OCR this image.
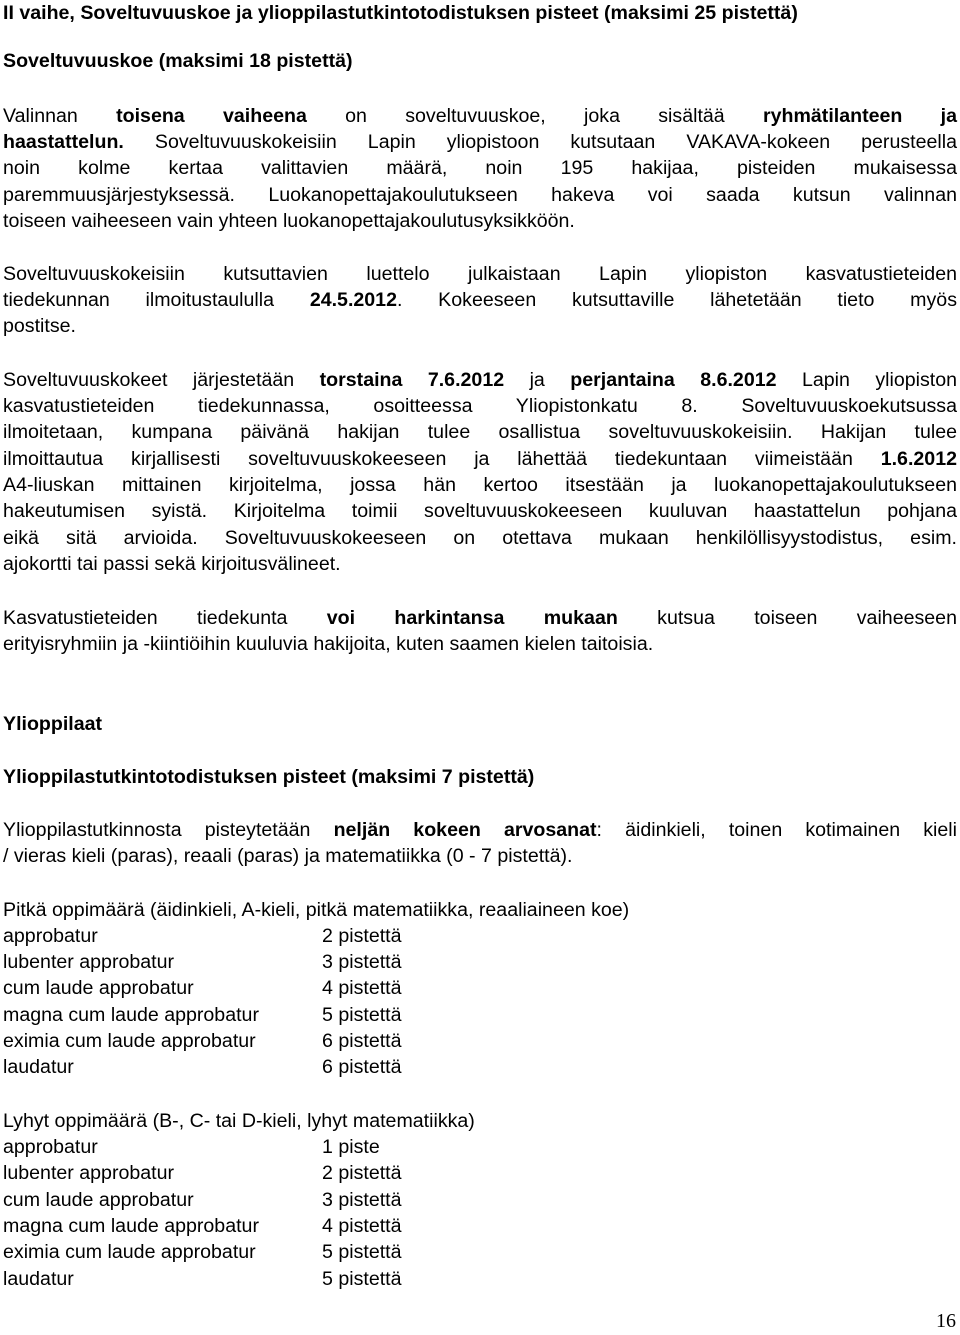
II vaihe, Soveltuvuuskoe ja ylioppilastutkintotodistuksen pisteet (maksimi 25 pistettä)
Soveltuvuuskoe (maksimi 18 pistettä)
Valinnan toisena vaiheena on soveltuvuuskoe, joka sisältää ryhmätilanteen ja
haastattelun. Soveltuvuuskokeisiin Lapin yliopistoon kutsutaan VAKAVA-kokeen perusteella
noin kolme kertaa valittavien määrä, noin 195 hakijaa, pisteiden mukaisessa
paremmuusjärjestyksessä. Luokanopettajakoulutukseen hakeva voi saada kutsun valinnan
toiseen vaiheeseen vain yhteen luokanopettajakoulutusyksikköön.
Soveltuvuuskokeisiin kutsuttavien luettelo julkaistaan Lapin yliopiston kasvatustieteiden
tiedekunnan ilmoitustaululla 24.5.2012. Kokeeseen kutsuttaville lähetetään tieto myös
postitse.
Soveltuvuuskokeet järjestetään torstaina 7.6.2012 ja perjantaina 8.6.2012 Lapin yliopiston
kasvatustieteiden tiedekunnassa, osoitteessa Yliopistonkatu 8. Soveltuvuuskoekutsussa
ilmoitetaan, kumpana päivänä hakijan tulee osallistua soveltuvuuskokeisiin. Hakijan tulee
ilmoittautua kirjallisesti soveltuvuuskokeeseen ja lähettää tiedekuntaan viimeistään 1.6.2012
A4-liuskan mittainen kirjoitelma, jossa hän kertoo itsestään ja luokanopettajakoulutukseen
hakeutumisen syistä. Kirjoitelma toimii soveltuvuuskokeeseen kuuluvan haastattelun pohjana
eikä sitä arvioida. Soveltuvuuskokeeseen on otettava mukaan henkilöllisyystodistus, esim.
ajokortti tai passi sekä kirjoitusvälineet.
Kasvatustieteiden tiedekunta voi harkintansa mukaan kutsua toiseen vaiheeseen
erityisryhmiin ja -kiintiöihin kuuluvia hakijoita, kuten saamen kielen taitoisia.
Ylioppilaat
Ylioppilastutkintotodistuksen pisteet (maksimi 7 pistettä)
Ylioppilastutkinnosta pisteytetään neljän kokeen arvosanat: äidinkieli, toinen kotimainen kieli
/ vieras kieli (paras), reaali (paras) ja matematiikka (0 - 7 pistettä).
Pitkä oppimäärä (äidinkieli, A-kieli, pitkä matematiikka, reaaliaineen koe)
approbatur	2 pistettä
lubenter approbatur	3 pistettä
cum laude approbatur	4 pistettä
magna cum laude approbatur	5 pistettä
eximia cum laude approbatur	6 pistettä
laudatur	6 pistettä
Lyhyt oppimäärä (B-, C- tai D-kieli, lyhyt matematiikka)
approbatur	1 piste
lubenter approbatur	2 pistettä
cum laude approbatur	3 pistettä
magna cum laude approbatur	4 pistettä
eximia cum laude approbatur	5 pistettä
laudatur	5 pistettä
16
